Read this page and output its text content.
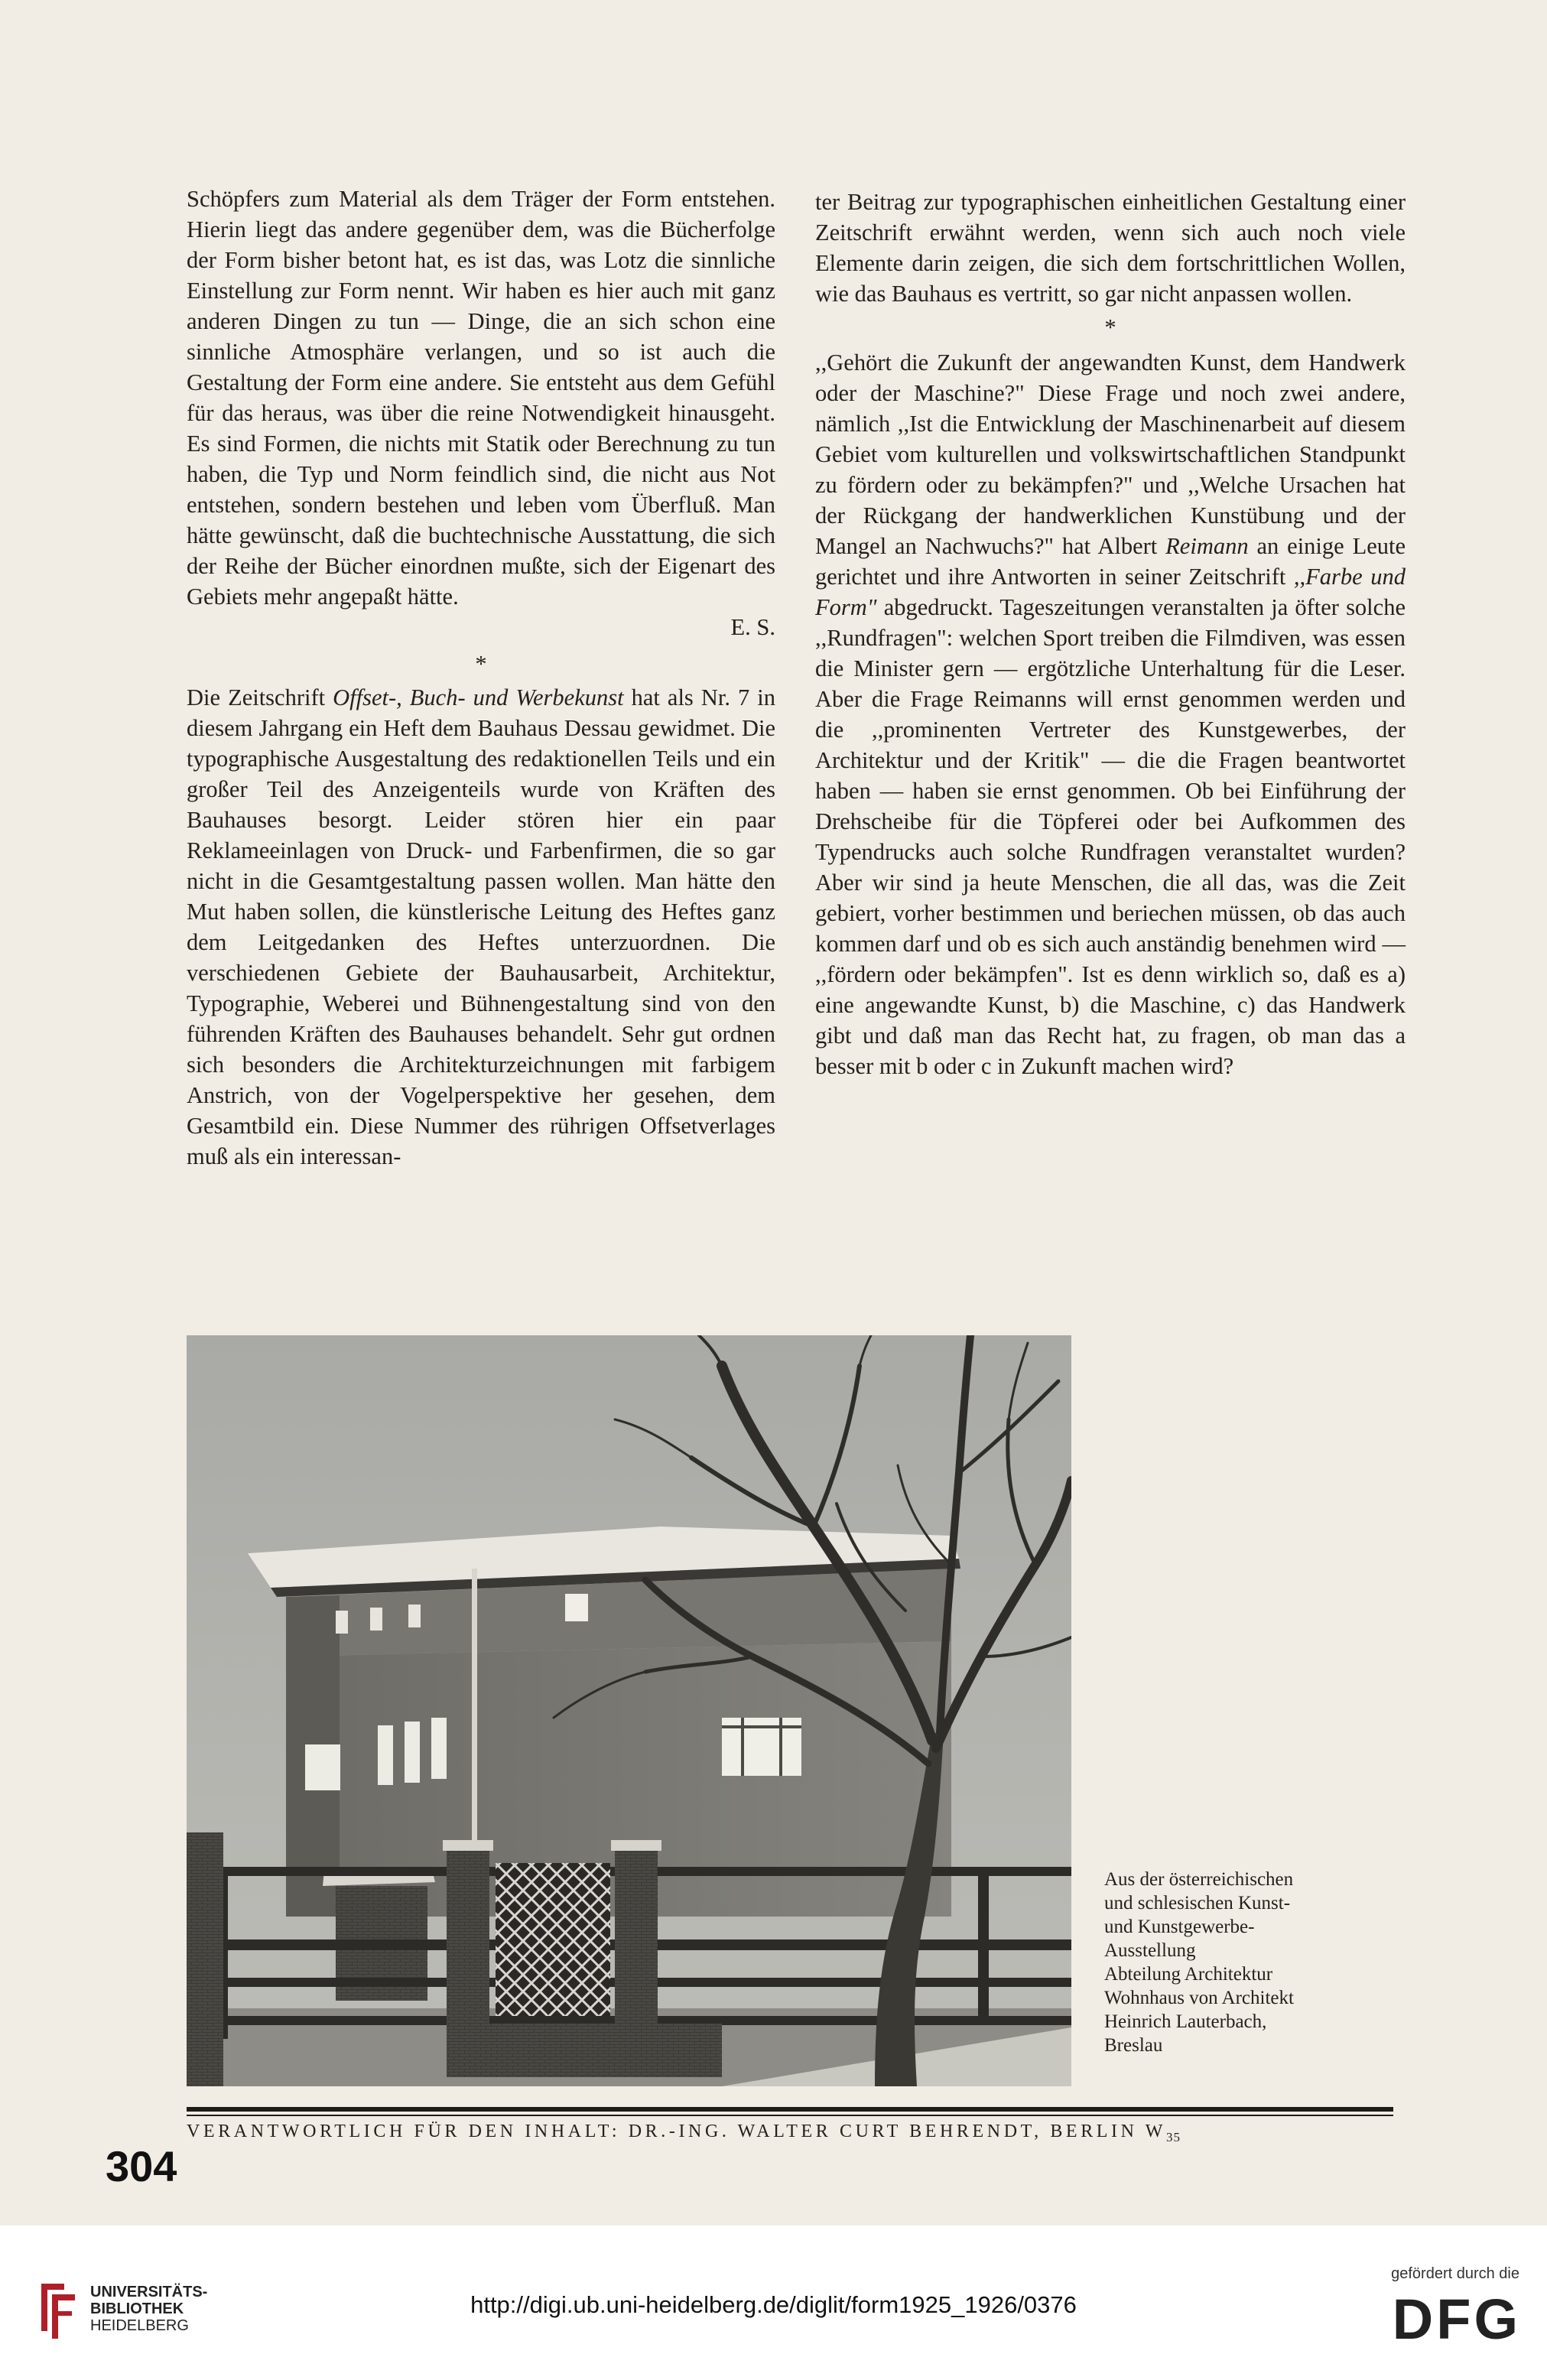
Schöpfers zum Material als dem Träger der Form entstehen. Hierin liegt das andere gegenüber dem, was die Bücherfolge der Form bisher betont hat, es ist das, was Lotz die sinnliche Einstellung zur Form nennt. Wir haben es hier auch mit ganz anderen Dingen zu tun — Dinge, die an sich schon eine sinnliche Atmosphäre verlangen, und so ist auch die Gestaltung der Form eine andere. Sie entsteht aus dem Gefühl für das heraus, was über die reine Notwendigkeit hinausgeht. Es sind Formen, die nichts mit Statik oder Berechnung zu tun haben, die Typ und Norm feindlich sind, die nicht aus Not entstehen, sondern bestehen und leben vom Überfluß. Man hätte gewünscht, daß die buchtechnische Ausstattung, die sich der Reihe der Bücher einordnen mußte, sich der Eigenart des Gebiets mehr angepaßt hätte.
E. S.

*

Die Zeitschrift Offset-, Buch- und Werbekunst hat als Nr. 7 in diesem Jahrgang ein Heft dem Bauhaus Dessau gewidmet. Die typographische Ausgestaltung des redaktionellen Teils und ein großer Teil des Anzeigenteils wurde von Kräften des Bauhauses besorgt. Leider stören hier ein paar Reklameeinlagen von Druck- und Farbenfirmen, die so gar nicht in die Gesamtgestaltung passen wollen. Man hätte den Mut haben sollen, die künstlerische Leitung des Heftes ganz dem Leitgedanken des Heftes unterzuordnen. Die verschiedenen Gebiete der Bauhausarbeit, Architektur, Typographie, Weberei und Bühnengestaltung sind von den führenden Kräften des Bauhauses behandelt. Sehr gut ordnen sich besonders die Architekturzeichnungen mit farbigem Anstrich, von der Vogelperspektive her gesehen, dem Gesamtbild ein. Diese Nummer des rührigen Offsetverlages muß als ein interessan-

ter Beitrag zur typographischen einheitlichen Gestaltung einer Zeitschrift erwähnt werden, wenn sich auch noch viele Elemente darin zeigen, die sich dem fortschrittlichen Wollen, wie das Bauhaus es vertritt, so gar nicht anpassen wollen.

*

,,Gehört die Zukunft der angewandten Kunst, dem Handwerk oder der Maschine?" Diese Frage und noch zwei andere, nämlich ,,Ist die Entwicklung der Maschinenarbeit auf diesem Gebiet vom kulturellen und volkswirtschaftlichen Standpunkt zu fördern oder zu bekämpfen?" und ,,Welche Ursachen hat der Rückgang der handwerklichen Kunstübung und der Mangel an Nachwuchs?" hat Albert Reimann an einige Leute gerichtet und ihre Antworten in seiner Zeitschrift ,,Farbe und Form" abgedruckt. Tageszeitungen veranstalten ja öfter solche ,,Rundfragen": welchen Sport treiben die Filmdiven, was essen die Minister gern — ergötzliche Unterhaltung für die Leser. Aber die Frage Reimanns will ernst genommen werden und die ,,prominenten Vertreter des Kunstgewerbes, der Architektur und der Kritik" — die die Fragen beantwortet haben — haben sie ernst genommen. Ob bei Einführung der Drehscheibe für die Töpferei oder bei Aufkommen des Typendrucks auch solche Rundfragen veranstaltet wurden? Aber wir sind ja heute Menschen, die all das, was die Zeit gebiert, vorher bestimmen und beriechen müssen, ob das auch kommen darf und ob es sich auch anständig benehmen wird — ,,fördern oder bekämpfen". Ist es denn wirklich so, daß es a) eine angewandte Kunst, b) die Maschine, c) das Handwerk gibt und daß man das Recht hat, zu fragen, ob man das a besser mit b oder c in Zukunft machen wird?

Aus der österreichischen
und schlesischen Kunst-
und Kunstgewerbe-
Ausstellung
Abteilung Architektur
Wohnhaus von Architekt
Heinrich Lauterbach,
Breslau
VERANTWORTLICH FÜR DEN INHALT: DR.-ING. WALTER CURT BEHRENDT, BERLIN $W_{35}$
304
UNIVERSITÄTS-
BIBLIOTHEK
HEIDELBERG
http://digi.ub.uni-heidelberg.de/diglit/form1925_1926/0376
gefördert durch die
DFG
